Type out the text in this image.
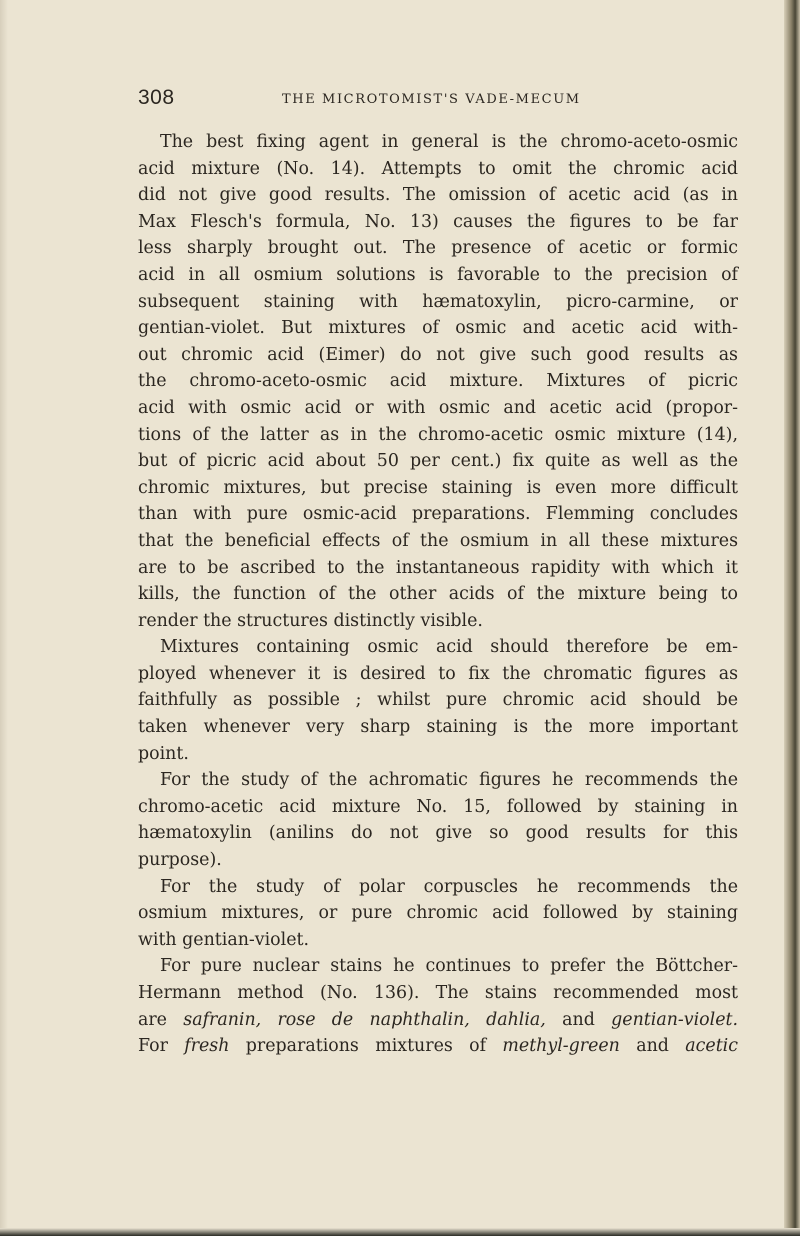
308	THE MICROTOMIST'S VADE-MECUM
The best fixing agent in general is the chromo-aceto-osmic
acid mixture (No. 14). Attempts to omit the chromic acid
did not give good results. The omission of acetic acid (as in
Max Flesch's formula, No. 13) causes the figures to be far
less sharply brought out. The presence of acetic or formic
acid in all osmium solutions is favorable to the precision of
subsequent staining with hæmatoxylin, picro-carmine, or
gentian-violet. But mixtures of osmic and acetic acid with-
out chromic acid (Eimer) do not give such good results as
the chromo-aceto-osmic acid mixture. Mixtures of picric
acid with osmic acid or with osmic and acetic acid (propor-
tions of the latter as in the chromo-acetic osmic mixture (14),
but of picric acid about 50 per cent.) fix quite as well as the
chromic mixtures, but precise staining is even more difficult
than with pure osmic-acid preparations. Flemming concludes
that the beneficial effects of the osmium in all these mixtures
are to be ascribed to the instantaneous rapidity with which it
kills, the function of the other acids of the mixture being to
render the structures distinctly visible.
Mixtures containing osmic acid should therefore be em-
ployed whenever it is desired to fix the chromatic figures as
faithfully as possible ; whilst pure chromic acid should be
taken whenever very sharp staining is the more important
point.
For the study of the achromatic figures he recommends the
chromo-acetic acid mixture No. 15, followed by staining in
hæmatoxylin (anilins do not give so good results for this
purpose).
For the study of polar corpuscles he recommends the
osmium mixtures, or pure chromic acid followed by staining
with gentian-violet.
For pure nuclear stains he continues to prefer the Böttcher-
Hermann method (No. 136). The stains recommended most
are safranin, rose de naphthalin, dahlia, and gentian-violet.
For fresh preparations mixtures of methyl-green and acetic
